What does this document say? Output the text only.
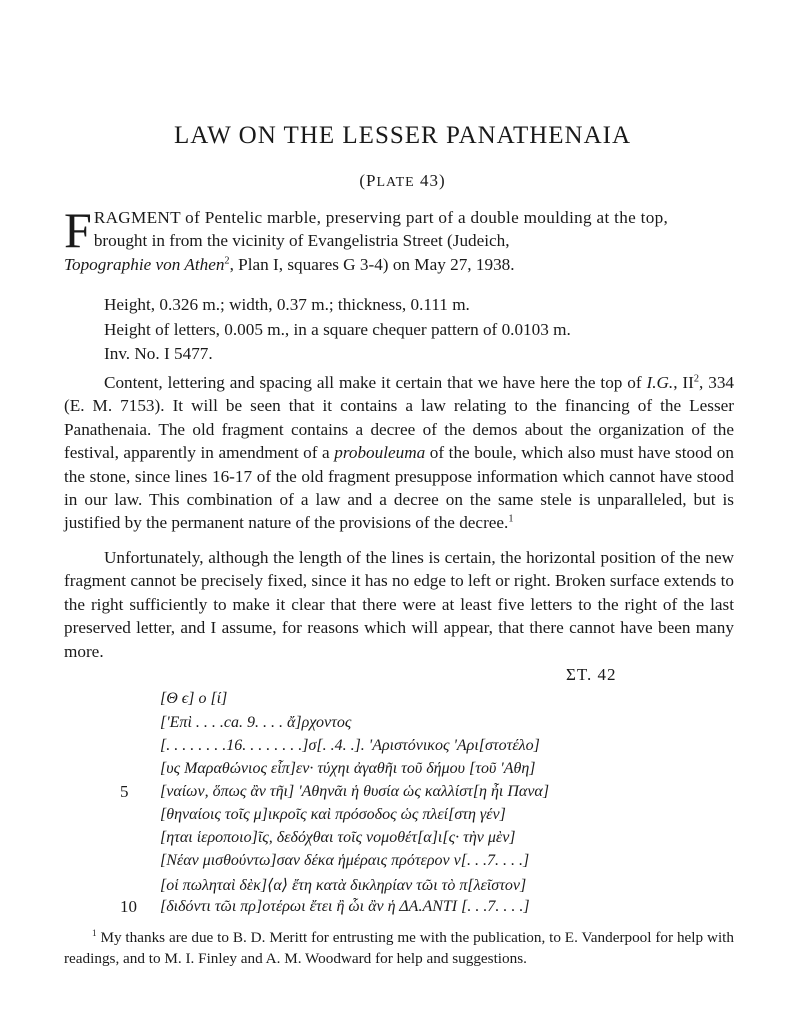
LAW ON THE LESSER PANATHENAIA
(PLATE 43)
F RAGMENT of Pentelic marble, preserving part of a double moulding at the top,
brought in from the vicinity of Evangelistria Street (Judeich,
Topographie von Athen$^2$, Plan I, squares G 3-4) on May 27, 1938.
Height, 0.326 m.; width, 0.37 m.; thickness, 0.111 m.
Height of letters, 0.005 m., in a square chequer pattern of 0.0103 m.
Inv. No. I 5477.
Content, lettering and spacing all make it certain that we have here the top of I.G., $II^2$, 334 (E. M. 7153). It will be seen that it contains a law relating to the financing of the Lesser Panathenaia. The old fragment contains a decree of the demos about the organization of the festival, apparently in amendment of a probouleuma of the boule, which also must have stood on the stone, since lines 16-17 of the old fragment presuppose information which cannot have stood in our law. This combination of a law and a decree on the same stele is unparalleled, but is justified by the permanent nature of the provisions of the decree.$^1$
Unfortunately, although the length of the lines is certain, the horizontal position of the new fragment cannot be precisely fixed, since it has no edge to left or right. Broken surface extends to the right sufficiently to make it clear that there were at least five letters to the right of the last preserved letter, and I assume, for reasons which will appear, that there cannot have been many more.
ΣΤ. 42
[Θ ϵ] ο [ί]
['Επὶ . . . .ca. 9. . . . ἄ]ρχοντος
[. . . . . . . .16. . . . . . . .]σ[. .4. .]. 'Αριστόνικος 'Αρι[στοτέλο]
[υς Μαραθώνιος εἶπ]εν· τύχηι ἀγαθῆι τοῦ δήμου [τοῦ 'Αθη]
5 [ναίων, ὅπως ἂν τῆι] 'Αθηνᾶι ἡ θυσία ὡς καλλίστ[η ἦι Πανα]
[θηναίοις τοῖς μ]ικροῖς καὶ πρόσοδος ὡς πλεί[στη γέν]
[ηται ἱεροποιο]ῖς, δεδόχθαι τοῖς νομοθέτ[α]ι[ς· τὴν μὲν]
[Νέαν μισθούντω]σαν δέκα ἡμέραις πρότερον ν[. . .7. . . .]
[οἱ πωληταὶ δὲκ]⟨α⟩ ἔτη κατὰ δικληρίαν τῶι τὸ π[λεῖστον]
10 [διδόντι τῶι πρ]οτέρωι ἔτει ἢ ὧι ἂν ἡ ΔΑ.ΑΝΤΙ [. . .7. . . .]
$^1$ My thanks are due to B. D. Meritt for entrusting me with the publication, to E. Vanderpool for help with readings, and to M. I. Finley and A. M. Woodward for help and suggestions.
